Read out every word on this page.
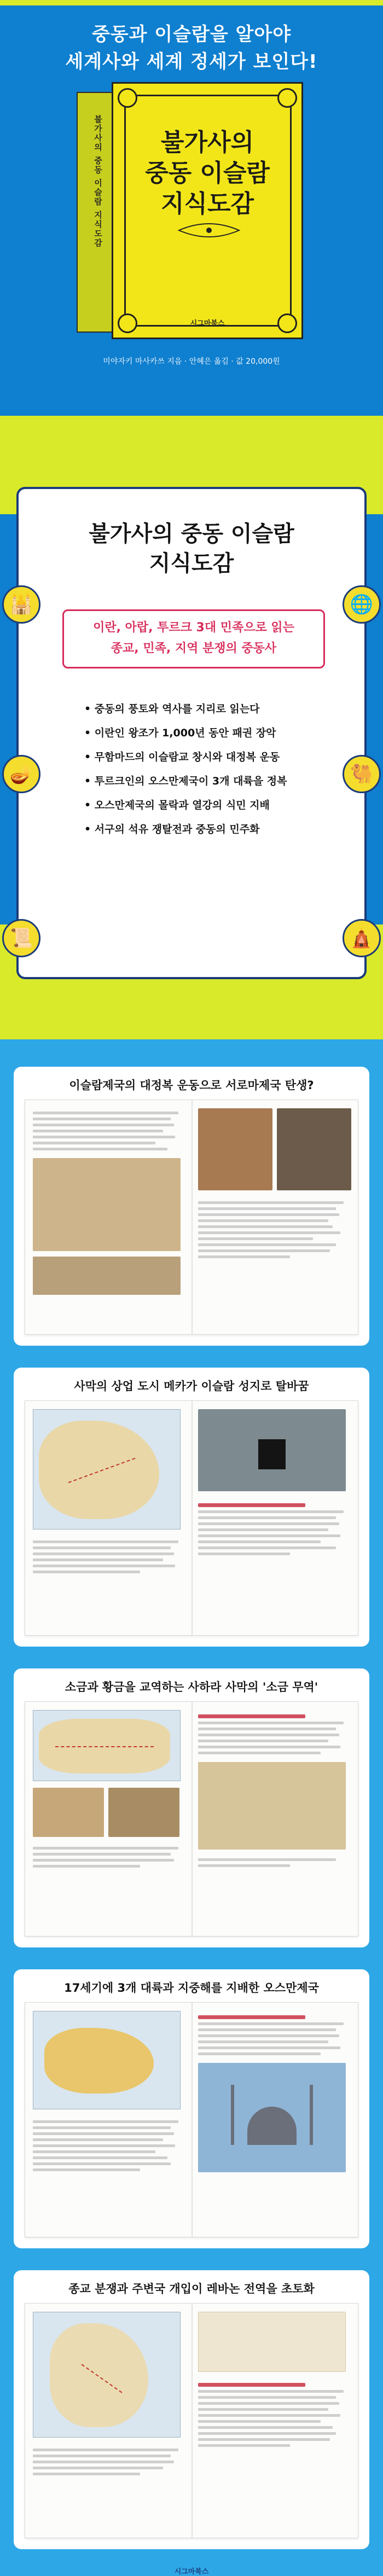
중동과 이슬람을 알아야
세계사와 세계 정세가 보인다!
불가사의 중동 이슬람 지식도감	불가사의
중동 이슬람
지식도감
시그마북스
미야자키 마사카쓰 지음 · 안혜은 옮김 · 값 20,000원
불가사의 중동 이슬람
지식도감
이란, 아랍, 투르크 3대 민족으로 읽는
종교, 민족, 지역 분쟁의 중동사
• 중동의 풍토와 역사를 지리로 읽는다
• 이란인 왕조가 1,000년 동안 패권 장악
• 무함마드의 이슬람교 창시와 대정복 운동
• 투르크인의 오스만제국이 3개 대륙을 정복
• 오스만제국의 몰락과 열강의 식민 지배
• 서구의 석유 쟁탈전과 중동의 민주화
🕌	🌐
🪔	🐫
📜	🛕
이슬람제국의 대정복 운동으로 서로마제국 탄생?
사막의 상업 도시 메카가 이슬람 성지로 탈바꿈
소금과 황금을 교역하는 사하라 사막의 '소금 무역'
17세기에 3개 대륙과 지중해를 지배한 오스만제국
종교 분쟁과 주변국 개입이 레바논 전역을 초토화
시그마북스
